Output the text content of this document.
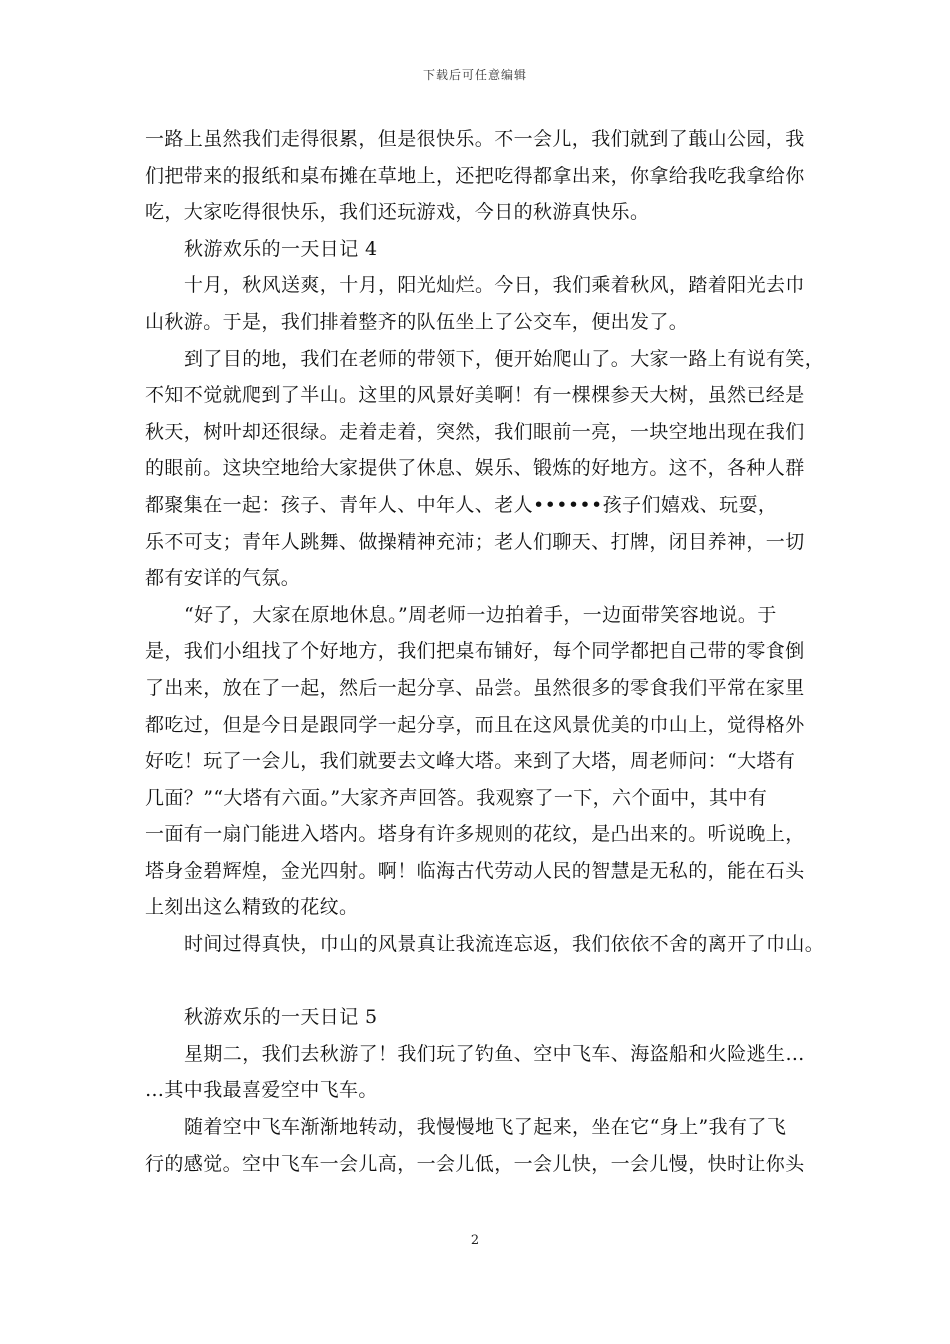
下载后可任意编辑
一路上虽然我们走得很累，但是很快乐。不一会儿，我们就到了蕺山公园，我
们把带来的报纸和桌布摊在草地上，还把吃得都拿出来，你拿给我吃我拿给你
吃，大家吃得很快乐，我们还玩游戏，今日的秋游真快乐。
秋游欢乐的一天日记 4
十月，秋风送爽，十月，阳光灿烂。今日，我们乘着秋风，踏着阳光去巾
山秋游。于是，我们排着整齐的队伍坐上了公交车，便出发了。
到了目的地，我们在老师的带领下，便开始爬山了。大家一路上有说有笑，
不知不觉就爬到了半山。这里的风景好美啊！有一棵棵参天大树，虽然已经是
秋天，树叶却还很绿。走着走着，突然，我们眼前一亮，一块空地出现在我们
的眼前。这块空地给大家提供了休息、娱乐、锻炼的好地方。这不，各种人群
都聚集在一起：孩子、青年人、中年人、老人••••••孩子们嬉戏、玩耍，
乐不可支；青年人跳舞、做操精神充沛；老人们聊天、打牌，闭目养神，一切
都有安详的气氛。
“好了，大家在原地休息。”周老师一边拍着手，一边面带笑容地说。于
是，我们小组找了个好地方，我们把桌布铺好，每个同学都把自己带的零食倒
了出来，放在了一起，然后一起分享、品尝。虽然很多的零食我们平常在家里
都吃过，但是今日是跟同学一起分享，而且在这风景优美的巾山上，觉得格外
好吃！玩了一会儿，我们就要去文峰大塔。来到了大塔，周老师问：“大塔有
几面？”“大塔有六面。”大家齐声回答。我观察了一下，六个面中，其中有
一面有一扇门能进入塔内。塔身有许多规则的花纹，是凸出来的。听说晚上，
塔身金碧辉煌，金光四射。啊！临海古代劳动人民的智慧是无私的，能在石头
上刻出这么精致的花纹。
时间过得真快，巾山的风景真让我流连忘返，我们依依不舍的离开了巾山。
秋游欢乐的一天日记 5
星期二，我们去秋游了！我们玩了钓鱼、空中飞车、海盗船和火险逃生…
…其中我最喜爱空中飞车。
随着空中飞车渐渐地转动，我慢慢地飞了起来，坐在它“身上”我有了飞
行的感觉。空中飞车一会儿高，一会儿低，一会儿快，一会儿慢，快时让你头
2
